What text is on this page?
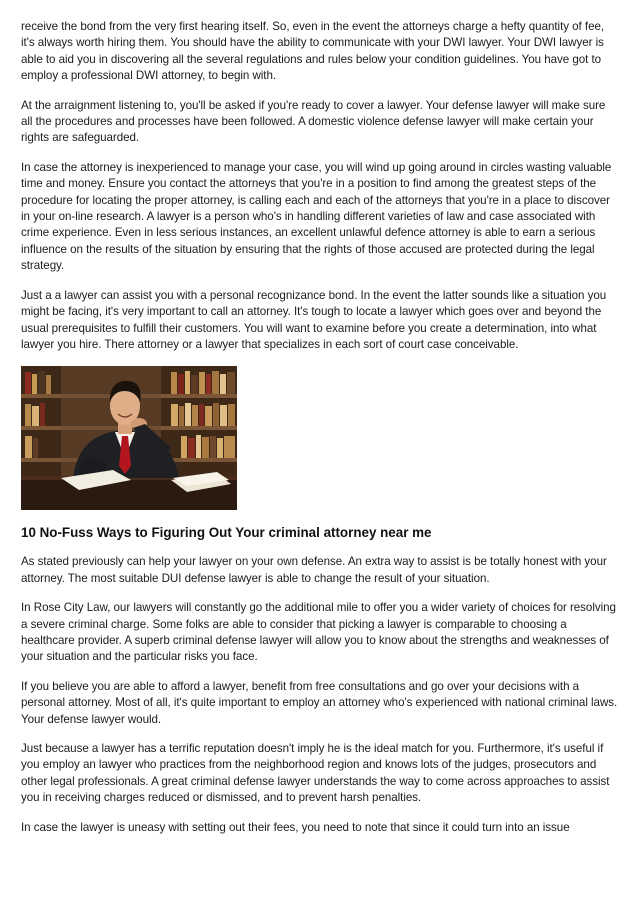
receive the bond from the very first hearing itself. So, even in the event the attorneys charge a hefty quantity of fee, it's always worth hiring them. You should have the ability to communicate with your DWI lawyer. Your DWI lawyer is able to aid you in discovering all the several regulations and rules below your condition guidelines. You have got to employ a professional DWI attorney, to begin with.

At the arraignment listening to, you'll be asked if you're ready to cover a lawyer. Your defense lawyer will make sure all the procedures and processes have been followed. A domestic violence defense lawyer will make certain your rights are safeguarded.

In case the attorney is inexperienced to manage your case, you will wind up going around in circles wasting valuable time and money. Ensure you contact the attorneys that you're in a position to find among the greatest steps of the procedure for locating the proper attorney, is calling each and each of the attorneys that you're in a place to discover in your on-line research. A lawyer is a person who's in handling different varieties of law and case associated with crime experience. Even in less serious instances, an excellent unlawful defence attorney is able to earn a serious influence on the results of the situation by ensuring that the rights of those accused are protected during the legal strategy.

Just a a lawyer can assist you with a personal recognizance bond. In the event the latter sounds like a situation you might be facing, it's very important to call an attorney. It's tough to locate a lawyer which goes over and beyond the usual prerequisites to fulfill their customers. You will want to examine before you create a determination, into what lawyer you hire. There attorney or a lawyer that specializes in each sort of court case conceivable.

10 No-Fuss Ways to Figuring Out Your criminal attorney near me

As stated previously can help your lawyer on your own defense. An extra way to assist is be totally honest with your attorney. The most suitable DUI defense lawyer is able to change the result of your situation.

In Rose City Law, our lawyers will constantly go the additional mile to offer you a wider variety of choices for resolving a severe criminal charge. Some folks are able to consider that picking a lawyer is comparable to choosing a healthcare provider. A superb criminal defense lawyer will allow you to know about the strengths and weaknesses of your situation and the particular risks you face.

If you believe you are able to afford a lawyer, benefit from free consultations and go over your decisions with a personal attorney. Most of all, it's quite important to employ an attorney who's experienced with national criminal laws. Your defense lawyer would.

Just because a lawyer has a terrific reputation doesn't imply he is the ideal match for you. Furthermore, it's useful if you employ an lawyer who practices from the neighborhood region and knows lots of the judges, prosecutors and other legal professionals. A great criminal defense lawyer understands the way to come across approaches to assist you in receiving charges reduced or dismissed, and to prevent harsh penalties.

In case the lawyer is uneasy with setting out their fees, you need to note that since it could turn into an issue
